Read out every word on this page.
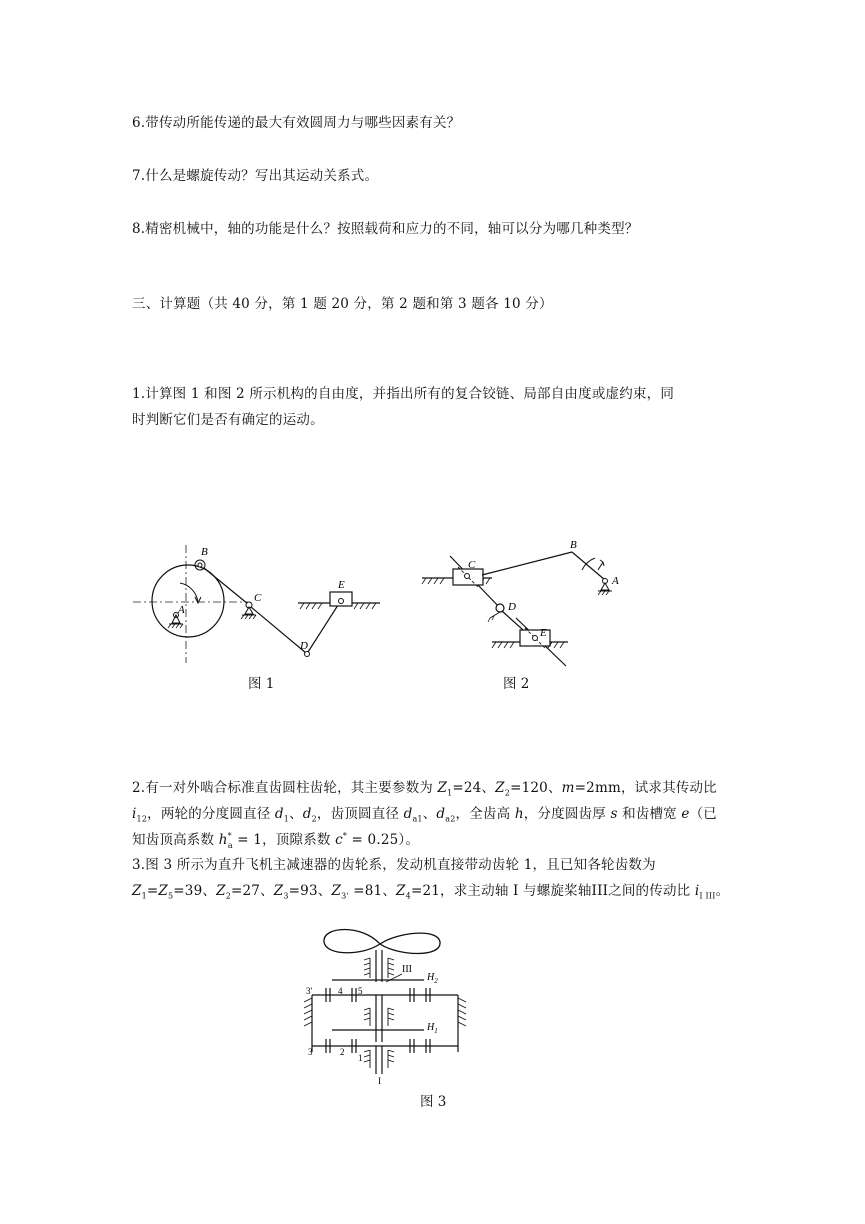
6.带传动所能传递的最大有效圆周力与哪些因素有关？
7.什么是螺旋传动？写出其运动关系式。
8.精密机械中，轴的功能是什么？按照载荷和应力的不同，轴可以分为哪几种类型？
三、计算题（共 40 分，第 1 题 20 分，第 2 题和第 3 题各 10 分）
1.计算图 1 和图 2 所示机构的自由度，并指出所有的复合铰链、局部自由度或虚约束，同
时判断它们是否有确定的运动。
A
B
C
D
E
图 1
C
B
A
D
E
图 2
2.有一对外啮合标准直齿圆柱齿轮，其主要参数为 $Z_1=24$、$Z_2=120$、m=2mm，试求其传动比
$i_{12}$，两轮的分度圆直径 $d_1$、$d_2$，齿顶圆直径 $d_{a1}$、$d_{a2}$，全齿高 h，分度圆齿厚 s 和齿槽宽 e（已
知齿顶高系数 $h^*_a = 1$，顶隙系数 c* = 0.25）。
3.图 3 所示为直升飞机主减速器的齿轮系，发动机直接带动齿轮 1，且已知各轮齿数为
$Z_1=Z_5=39$、$Z_2=27$、$Z_3=93$、$Z_{3'} =81$、$Z_4=21$，求主动轴 I 与螺旋桨轴III之间的传动比 $i_{I III}$。
III
$H_2$
3'	4 5
$H_1$
3	2
1
I
图 3
